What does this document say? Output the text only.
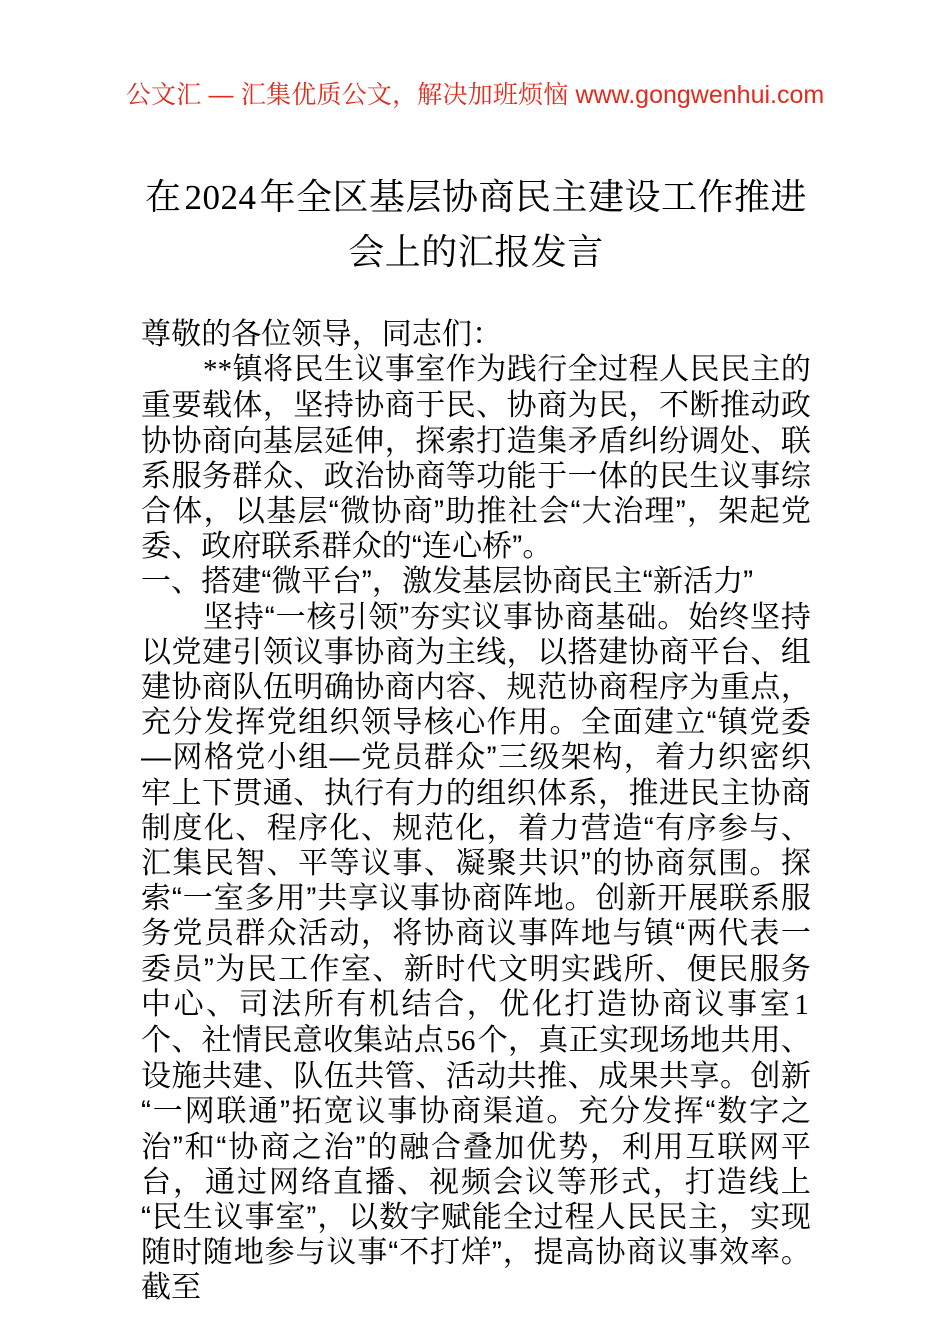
公文汇 — 汇集优质公文，解决加班烦恼 www.gongwenhui.com
在2024年全区基层协商民主建设工作推进
会上的汇报发言

尊敬的各位领导，同志们：

**镇将民生议事室作为践行全过程人民民主的重要载体，坚持协商于民、协商为民，不断推动政协协商向基层延伸，探索打造集矛盾纠纷调处、联系服务群众、政治协商等功能于一体的民生议事综合体，以基层“微协商”助推社会“大治理”，架起党委、政府联系群众的“连心桥”。

一、搭建“微平台”，激发基层协商民主“新活力”

坚持“一核引领”夯实议事协商基础。始终坚持以党建引领议事协商为主线，以搭建协商平台、组建协商队伍明确协商内容、规范协商程序为重点，充分发挥党组织领导核心作用。全面建立“镇党委—网格党小组—党员群众”三级架构，着力织密织牢上下贯通、执行有力的组织体系，推进民主协商制度化、程序化、规范化，着力营造“有序参与、汇集民智、平等议事、凝聚共识”的协商氛围。探索“一室多用”共享议事协商阵地。创新开展联系服务党员群众活动，将协商议事阵地与镇“两代表一委员”为民工作室、新时代文明实践所、便民服务中心、司法所有机结合，优化打造协商议事室1个、社情民意收集站点56个，真正实现场地共用、设施共建、队伍共管、活动共推、成果共享。创新“一网联通”拓宽议事协商渠道。充分发挥“数字之治”和“协商之治”的融合叠加优势，利用互联网平台，通过网络直播、视频会议等形式，打造线上“民生议事室”，以数字赋能全过程人民民主，实现随时随地参与议事“不打烊”，提高协商议事效率。截至
